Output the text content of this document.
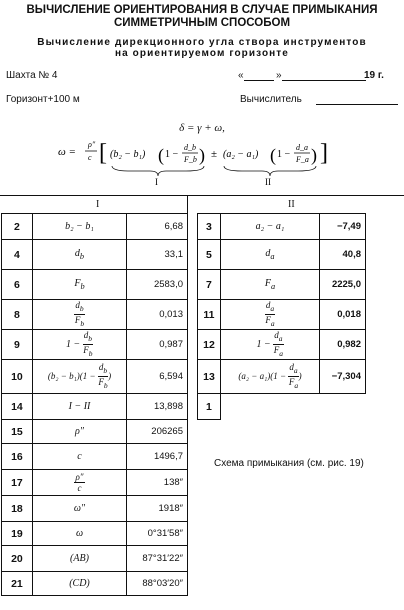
ВЫЧИСЛЕНИЕ ОРИЕНТИРОВАНИЯ В СЛУЧАЕ ПРИМЫКАНИЯ
СИММЕТРИЧНЫМ СПОСОБОМ
Вычисление дирекционного угла створа инструментов
на ориентируемом горизонте
Шахта № 4	«	»	19 г.
Горизонт+100 м	Вычислитель
δ = γ + ω,
ω =
ρ″
c [ (b₂ − b₁) ( 1 −
d_b
F_b ) ± (a₂ − a₁) ( 1 −
d_a
F_a ) ]
I	II
I	II
2	b₂ − b₁	6,68
4	$d_b$	33,1
6	$F_b$	2583,0
8	$\frac{d_b}{F_b}$	0,013
9	$1 - \frac{d_b}{F_b}$	0,987
10	$(b_2 - b_1)(1 - \frac{d_b}{F_b}$ )	6,594
14	I − II	13,898
15	ρ″	206265
16	c	1496,7
17	$\frac{\rho''}{c}$	138″
18	ω″	1918″
19	ω	0°31′58″
20	(AB)	87°31′22″
21	(CD)	88°03′20″
3	a₂ − a₁	−7,49
5	$d_a$	40,8
7	$F_a$	2225,0
11	$\frac{d_a}{F_a}$	0,018
12	$1 - \frac{d_a}{F_a}$	0,982
13	$(a_2 - a_1)(1 - \frac{d_a}{F_a}$ )	−7,304
1		
Схема примыкания (см. рис. 19)
